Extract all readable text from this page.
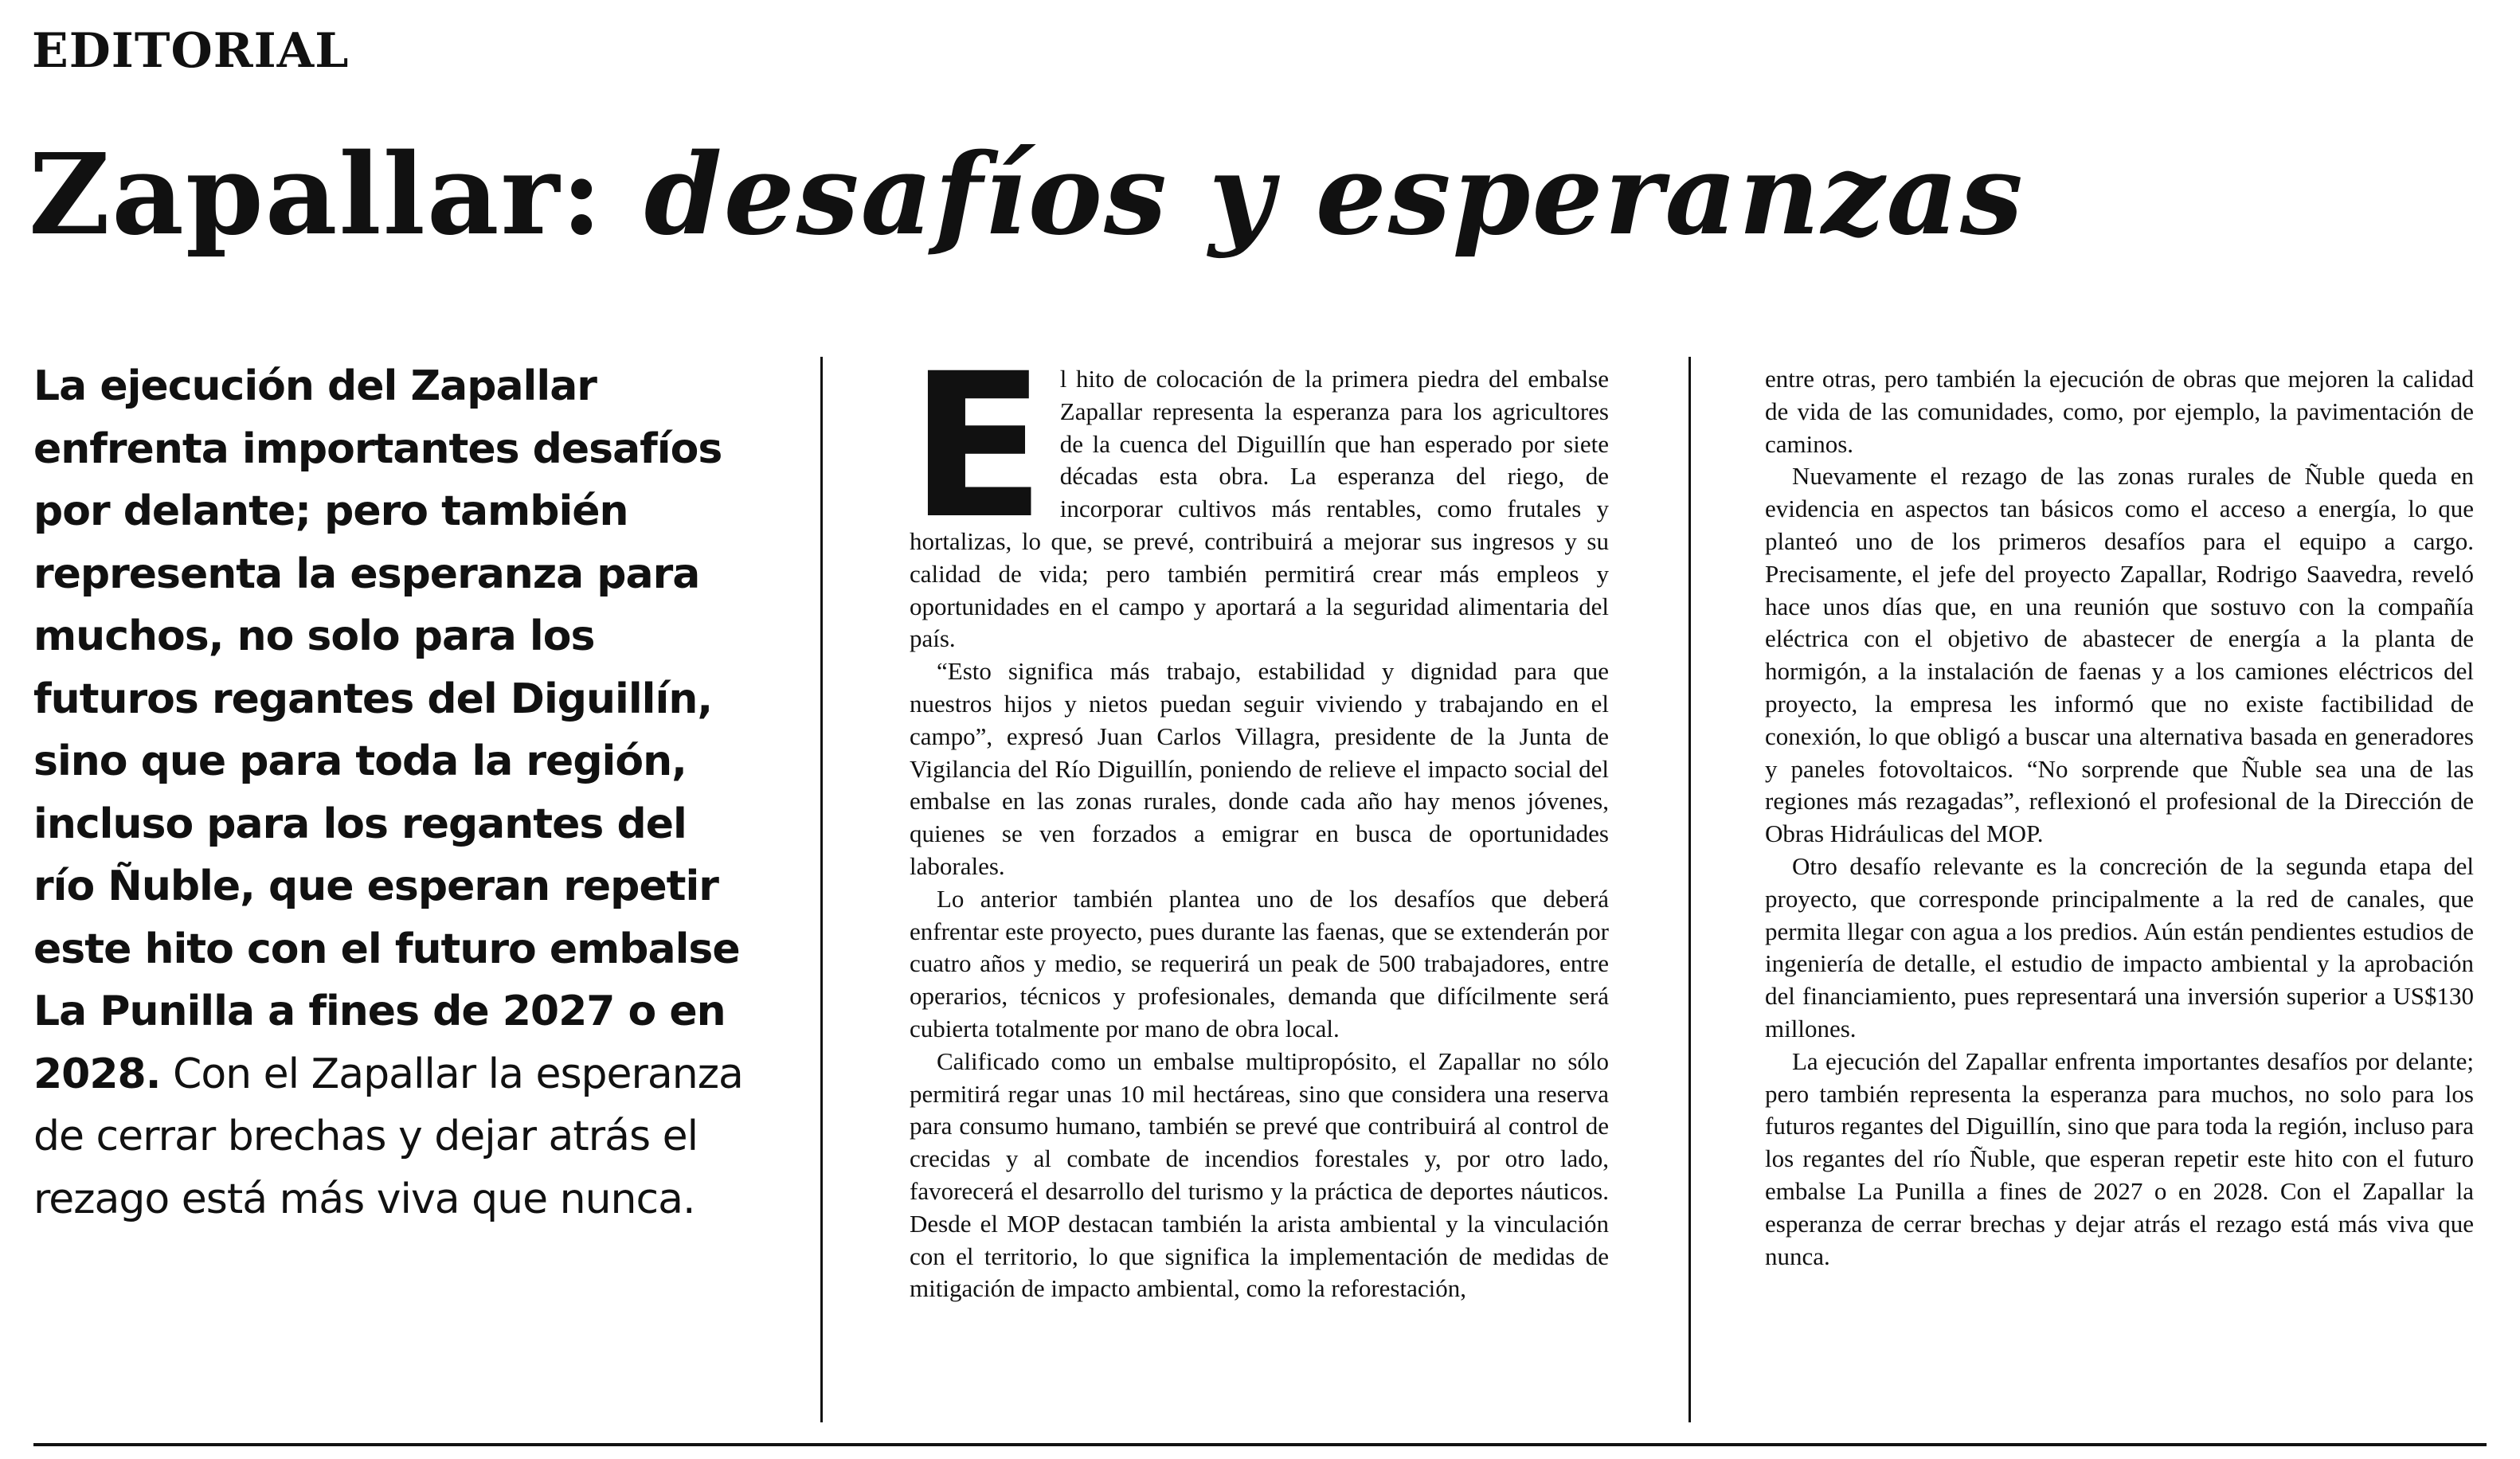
EDITORIAL
Zapallar: desafíos y esperanzas
La ejecución del Zapallar enfrenta importantes desafíos por delante; pero también representa la esperanza para muchos, no solo para los futuros regantes del Diguillín, sino que para toda la región, incluso para los regantes del río Ñuble, que esperan repetir este hito con el futuro embalse La Punilla a fines de 2027 o en 2028. Con el Zapallar la esperanza de cerrar brechas y dejar atrás el rezago está más viva que nunca.

El hito de colocación de la primera piedra del embalse Zapallar representa la esperanza para los agricultores de la cuenca del Diguillín que han esperado por siete décadas esta obra. La esperanza del riego, de incorporar cultivos más rentables, como frutales y hortalizas, lo que, se prevé, contribuirá a mejorar sus ingresos y su calidad de vida; pero también permitirá crear más empleos y oportunidades en el campo y aportará a la seguridad alimentaria del país.

“Esto significa más trabajo, estabilidad y dignidad para que nuestros hijos y nietos puedan seguir viviendo y trabajando en el campo”, expresó Juan Carlos Villagra, presidente de la Junta de Vigilancia del Río Diguillín, poniendo de relieve el impacto social del embalse en las zonas rurales, donde cada año hay menos jóvenes, quienes se ven forzados a emigrar en busca de oportunidades laborales.

Lo anterior también plantea uno de los desafíos que deberá enfrentar este proyecto, pues durante las faenas, que se extenderán por cuatro años y medio, se requerirá un peak de 500 trabajadores, entre operarios, técnicos y profesionales, demanda que difícilmente será cubierta totalmente por mano de obra local.

Calificado como un embalse multipropósito, el Zapallar no sólo permitirá regar unas 10 mil hectáreas, sino que considera una reserva para consumo humano, también se prevé que contribuirá al control de crecidas y al combate de incendios forestales y, por otro lado, favorecerá el desarrollo del turismo y la práctica de deportes náuticos. Desde el MOP destacan también la arista ambiental y la vinculación con el territorio, lo que significa la implementación de medidas de mitigación de impacto ambiental, como la reforestación,

entre otras, pero también la ejecución de obras que mejoren la calidad de vida de las comunidades, como, por ejemplo, la pavimentación de caminos.

Nuevamente el rezago de las zonas rurales de Ñuble queda en evidencia en aspectos tan básicos como el acceso a energía, lo que planteó uno de los primeros desafíos para el equipo a cargo. Precisamente, el jefe del proyecto Zapallar, Rodrigo Saavedra, reveló hace unos días que, en una reunión que sostuvo con la compañía eléctrica con el objetivo de abastecer de energía a la planta de hormigón, a la instalación de faenas y a los camiones eléctricos del proyecto, la empresa les informó que no existe factibilidad de conexión, lo que obligó a buscar una alternativa basada en generadores y paneles fotovoltaicos. “No sorprende que Ñuble sea una de las regiones más rezagadas”, reflexionó el profesional de la Dirección de Obras Hidráulicas del MOP.

Otro desafío relevante es la concreción de la segunda etapa del proyecto, que corresponde principalmente a la red de canales, que permita llegar con agua a los predios. Aún están pendientes estudios de ingeniería de detalle, el estudio de impacto ambiental y la aprobación del financiamiento, pues representará una inversión superior a US$130 millones.

La ejecución del Zapallar enfrenta importantes desafíos por delante; pero también representa la esperanza para muchos, no solo para los futuros regantes del Diguillín, sino que para toda la región, incluso para los regantes del río Ñuble, que esperan repetir este hito con el futuro embalse La Punilla a fines de 2027 o en 2028. Con el Zapallar la esperanza de cerrar brechas y dejar atrás el rezago está más viva que nunca.
